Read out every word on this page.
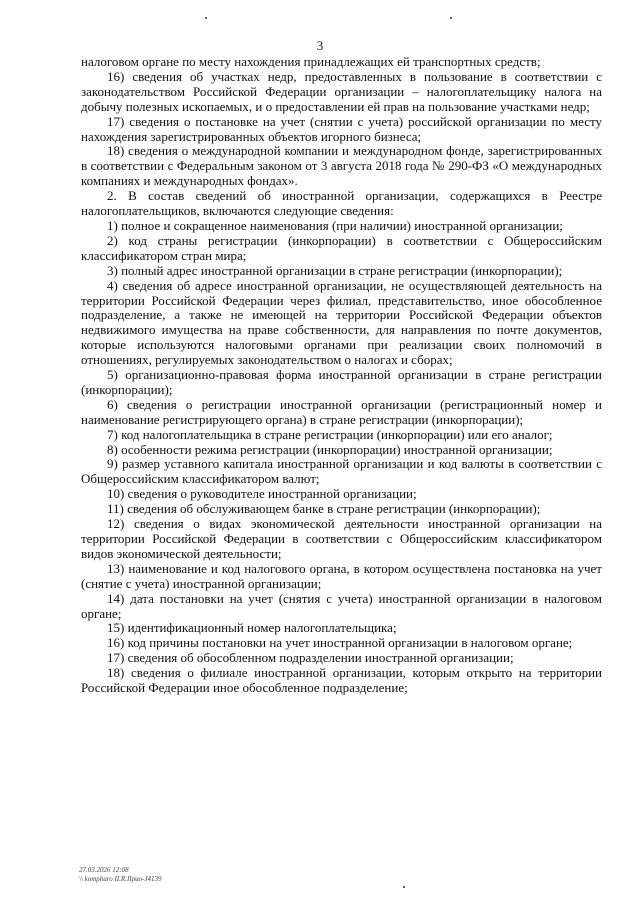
3

налоговом органе по месту нахождения принадлежащих ей транспортных средств;

16) сведения об участках недр, предоставленных в пользование в соответствии с законодательством Российской Федерации организации – налогоплательщику налога на добычу полезных ископаемых, и о предоставлении ей прав на пользование участками недр;

17) сведения о постановке на учет (снятии с учета) российской организации по месту нахождения зарегистрированных объектов игорного бизнеса;

18) сведения о международной компании и международном фонде, зарегистрированных в соответствии с Федеральным законом от 3 августа 2018 года № 290-ФЗ «О международных компаниях и международных фондах».

2. В состав сведений об иностранной организации, содержащихся в Реестре налогоплательщиков, включаются следующие сведения:

1) полное и сокращенное наименования (при наличии) иностранной организации;

2) код страны регистрации (инкорпорации) в соответствии с Общероссийским классификатором стран мира;

3) полный адрес иностранной организации в стране регистрации (инкорпорации);

4) сведения об адресе иностранной организации, не осуществляющей деятельность на территории Российской Федерации через филиал, представительство, иное обособленное подразделение, а также не имеющей на территории Российской Федерации объектов недвижимого имущества на праве собственности, для направления по почте документов, которые используются налоговыми органами при реализации своих полномочий в отношениях, регулируемых законодательством о налогах и сборах;

5) организационно-правовая форма иностранной организации в стране регистрации (инкорпорации);

6) сведения о регистрации иностранной организации (регистрационный номер и наименование регистрирующего органа) в стране регистрации (инкорпорации);

7) код налогоплательщика в стране регистрации (инкорпорации) или его аналог;

8) особенности режима регистрации (инкорпорации) иностранной организации;

9) размер уставного капитала иностранной организации и код валюты в соответствии с Общероссийским классификатором валют;

10) сведения о руководителе иностранной организации;

11) сведения об обслуживающем банке в стране регистрации (инкорпорации);

12) сведения о видах экономической деятельности иностранной организации на территории Российской Федерации в соответствии с Общероссийским классификатором видов экономической деятельности;

13) наименование и код налогового органа, в котором осуществлена постановка на учет (снятие с учета) иностранной организации;

14) дата постановки на учет (снятия с учета) иностранной организации в налоговом органе;

15) идентификационный номер налогоплательщика;

16) код причины постановки на учет иностранной организации в налоговом органе;

17) сведения об обособленном подразделении иностранной организации;

18) сведения о филиале иностранной организации, которым открыто на территории Российской Федерации иное обособленное подразделение;

27.03.2026 12:08
\\ komphuro II.R.IIpuo-J4139
